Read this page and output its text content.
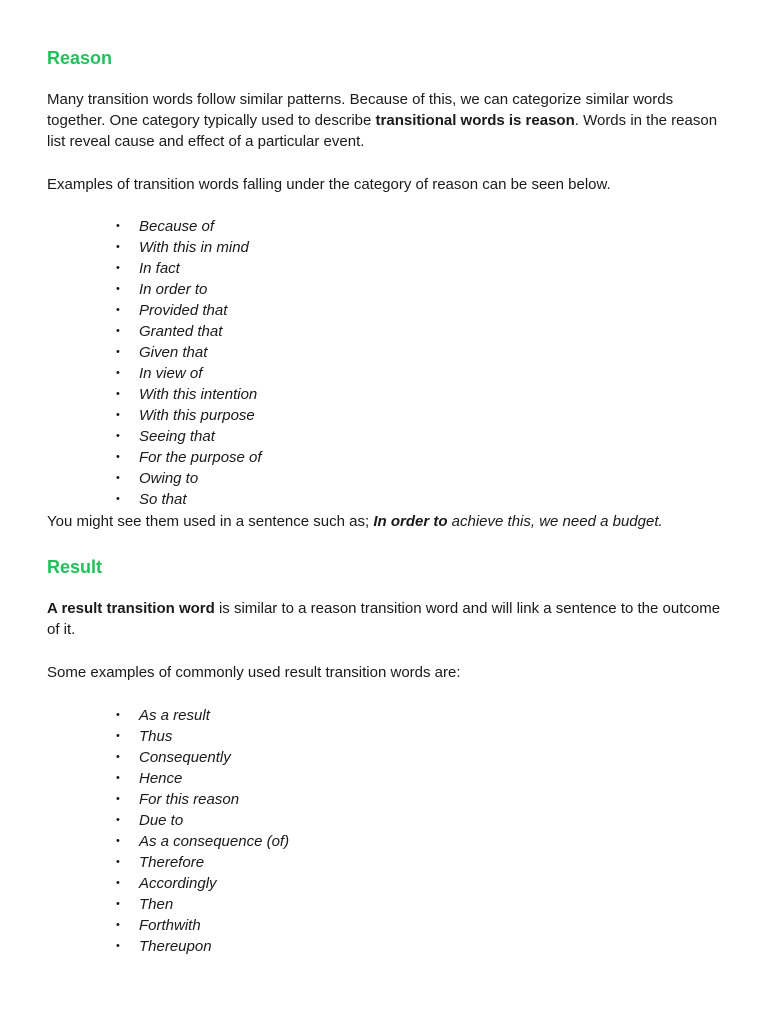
Reason

Many transition words follow similar patterns. Because of this, we can categorize similar words together. One category typically used to describe transitional words is reason. Words in the reason list reveal cause and effect of a particular event.

Examples of transition words falling under the category of reason can be seen below.

• Because of
• With this in mind
• In fact
• In order to
• Provided that
• Granted that
• Given that
• In view of
• With this intention
• With this purpose
• Seeing that
• For the purpose of
• Owing to
• So that

You might see them used in a sentence such as; In order to achieve this, we need a budget.

Result

A result transition word is similar to a reason transition word and will link a sentence to the outcome of it.

Some examples of commonly used result transition words are:

• As a result
• Thus
• Consequently
• Hence
• For this reason
• Due to
• As a consequence (of)
• Therefore
• Accordingly
• Then
• Forthwith
• Thereupon
